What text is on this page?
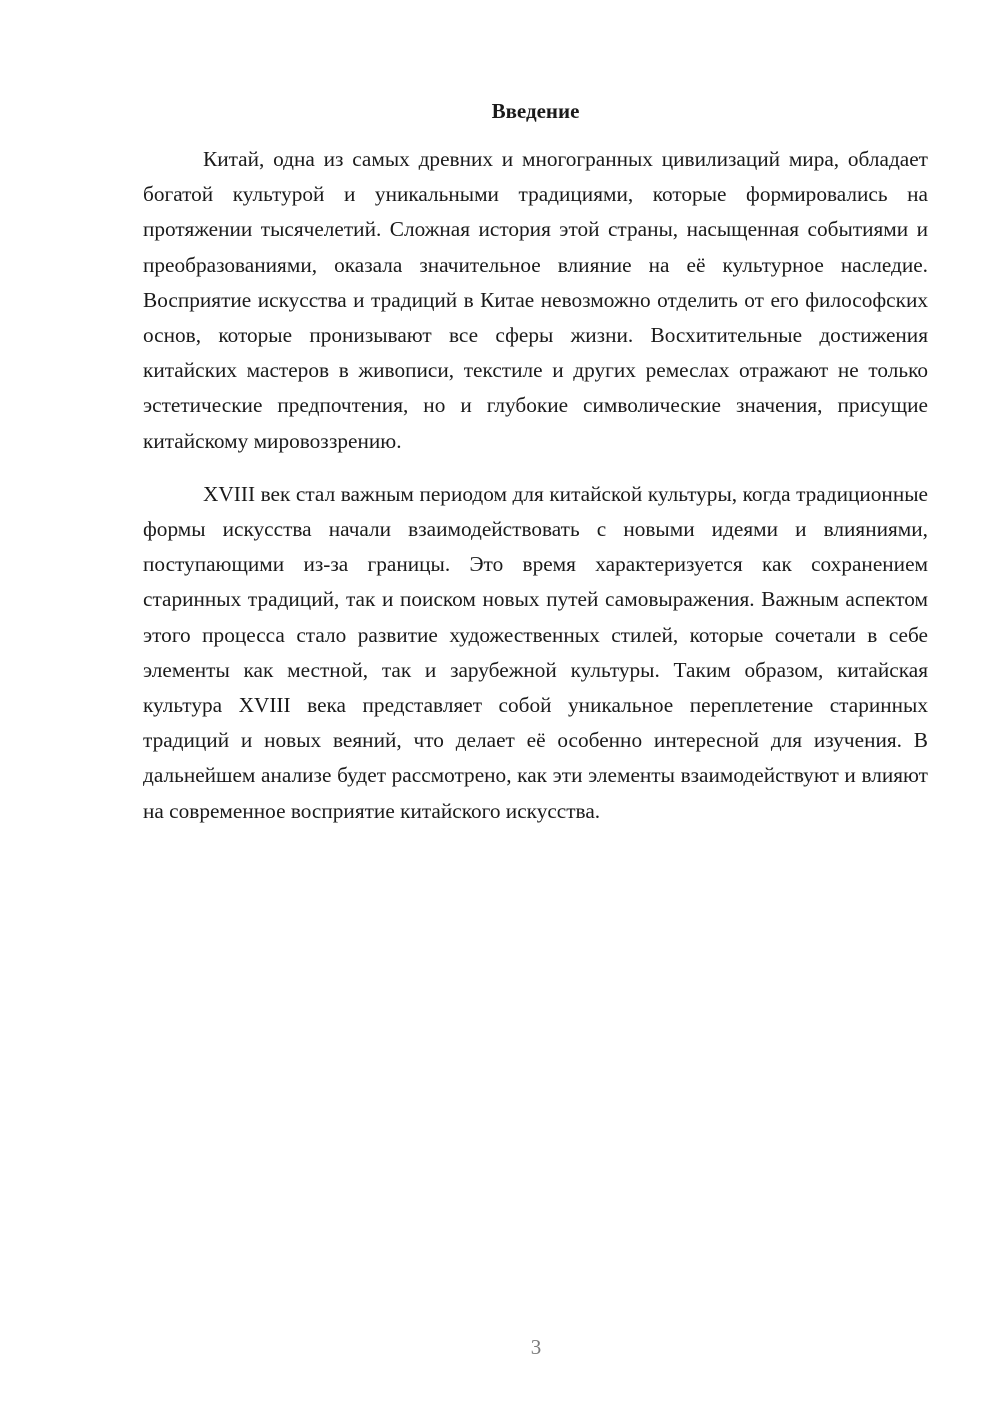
Введение

Китай, одна из самых древних и многогранных цивилизаций мира, обладает богатой культурой и уникальными традициями, которые формировались на протяжении тысячелетий. Сложная история этой страны, насыщенная событиями и преобразованиями, оказала значительное влияние на её культурное наследие. Восприятие искусства и традиций в Китае невозможно отделить от его философских основ, которые пронизывают все сферы жизни. Восхитительные достижения китайских мастеров в живописи, текстиле и других ремеслах отражают не только эстетические предпочтения, но и глубокие символические значения, присущие китайскому мировоззрению.

XVIII век стал важным периодом для китайской культуры, когда традиционные формы искусства начали взаимодействовать с новыми идеями и влияниями, поступающими из-за границы. Это время характеризуется как сохранением старинных традиций, так и поиском новых путей самовыражения. Важным аспектом этого процесса стало развитие художественных стилей, которые сочетали в себе элементы как местной, так и зарубежной культуры. Таким образом, китайская культура XVIII века представляет собой уникальное переплетение старинных традиций и новых веяний, что делает её особенно интересной для изучения. В дальнейшем анализе будет рассмотрено, как эти элементы взаимодействуют и влияют на современное восприятие китайского искусства.

3
